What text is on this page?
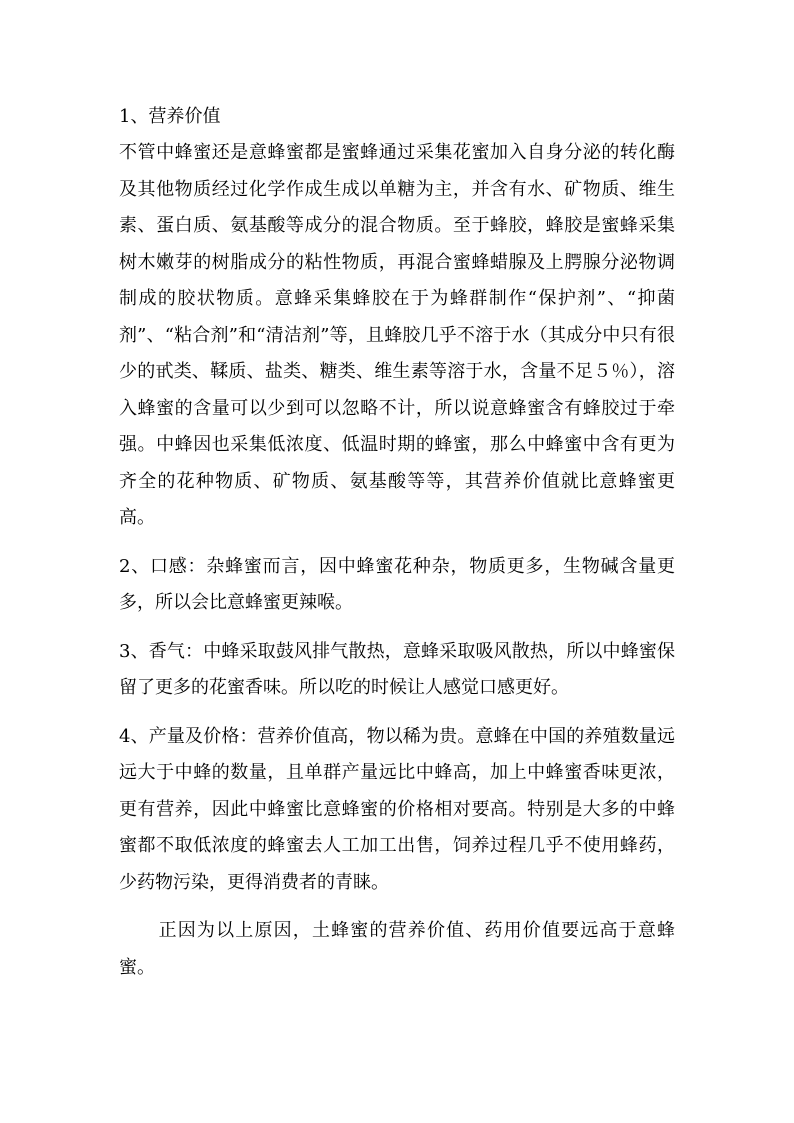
1、营养价值

不管中蜂蜜还是意蜂蜜都是蜜蜂通过采集花蜜加入自身分泌的转化酶及其他物质经过化学作成生成以单糖为主，并含有水、矿物质、维生素、蛋白质、氨基酸等成分的混合物质。至于蜂胶，蜂胶是蜜蜂采集树木嫩芽的树脂成分的粘性物质，再混合蜜蜂蜡腺及上腭腺分泌物调制成的胶状物质。意蜂采集蜂胶在于为蜂群制作“保护剂”、“抑菌剂”、“粘合剂”和“清洁剂”等，且蜂胶几乎不溶于水（其成分中只有很少的甙类、鞣质、盐类、糖类、维生素等溶于水，含量不足５％），溶入蜂蜜的含量可以少到可以忽略不计，所以说意蜂蜜含有蜂胶过于牵强。中蜂因也采集低浓度、低温时期的蜂蜜，那么中蜂蜜中含有更为齐全的花种物质、矿物质、氨基酸等等，其营养价值就比意蜂蜜更高。

2、口感：杂蜂蜜而言，因中蜂蜜花种杂，物质更多，生物碱含量更多，所以会比意蜂蜜更辣喉。

3、香气：中蜂采取鼓风排气散热，意蜂采取吸风散热，所以中蜂蜜保留了更多的花蜜香味。所以吃的时候让人感觉口感更好。

4、产量及价格：营养价值高，物以稀为贵。意蜂在中国的养殖数量远远大于中蜂的数量，且单群产量远比中蜂高，加上中蜂蜜香味更浓，更有营养，因此中蜂蜜比意蜂蜜的价格相对要高。特别是大多的中蜂蜜都不取低浓度的蜂蜜去人工加工出售，饲养过程几乎不使用蜂药，少药物污染，更得消费者的青睐。

正因为以上原因，土蜂蜜的营养价值、药用价值要远高于意蜂蜜。
